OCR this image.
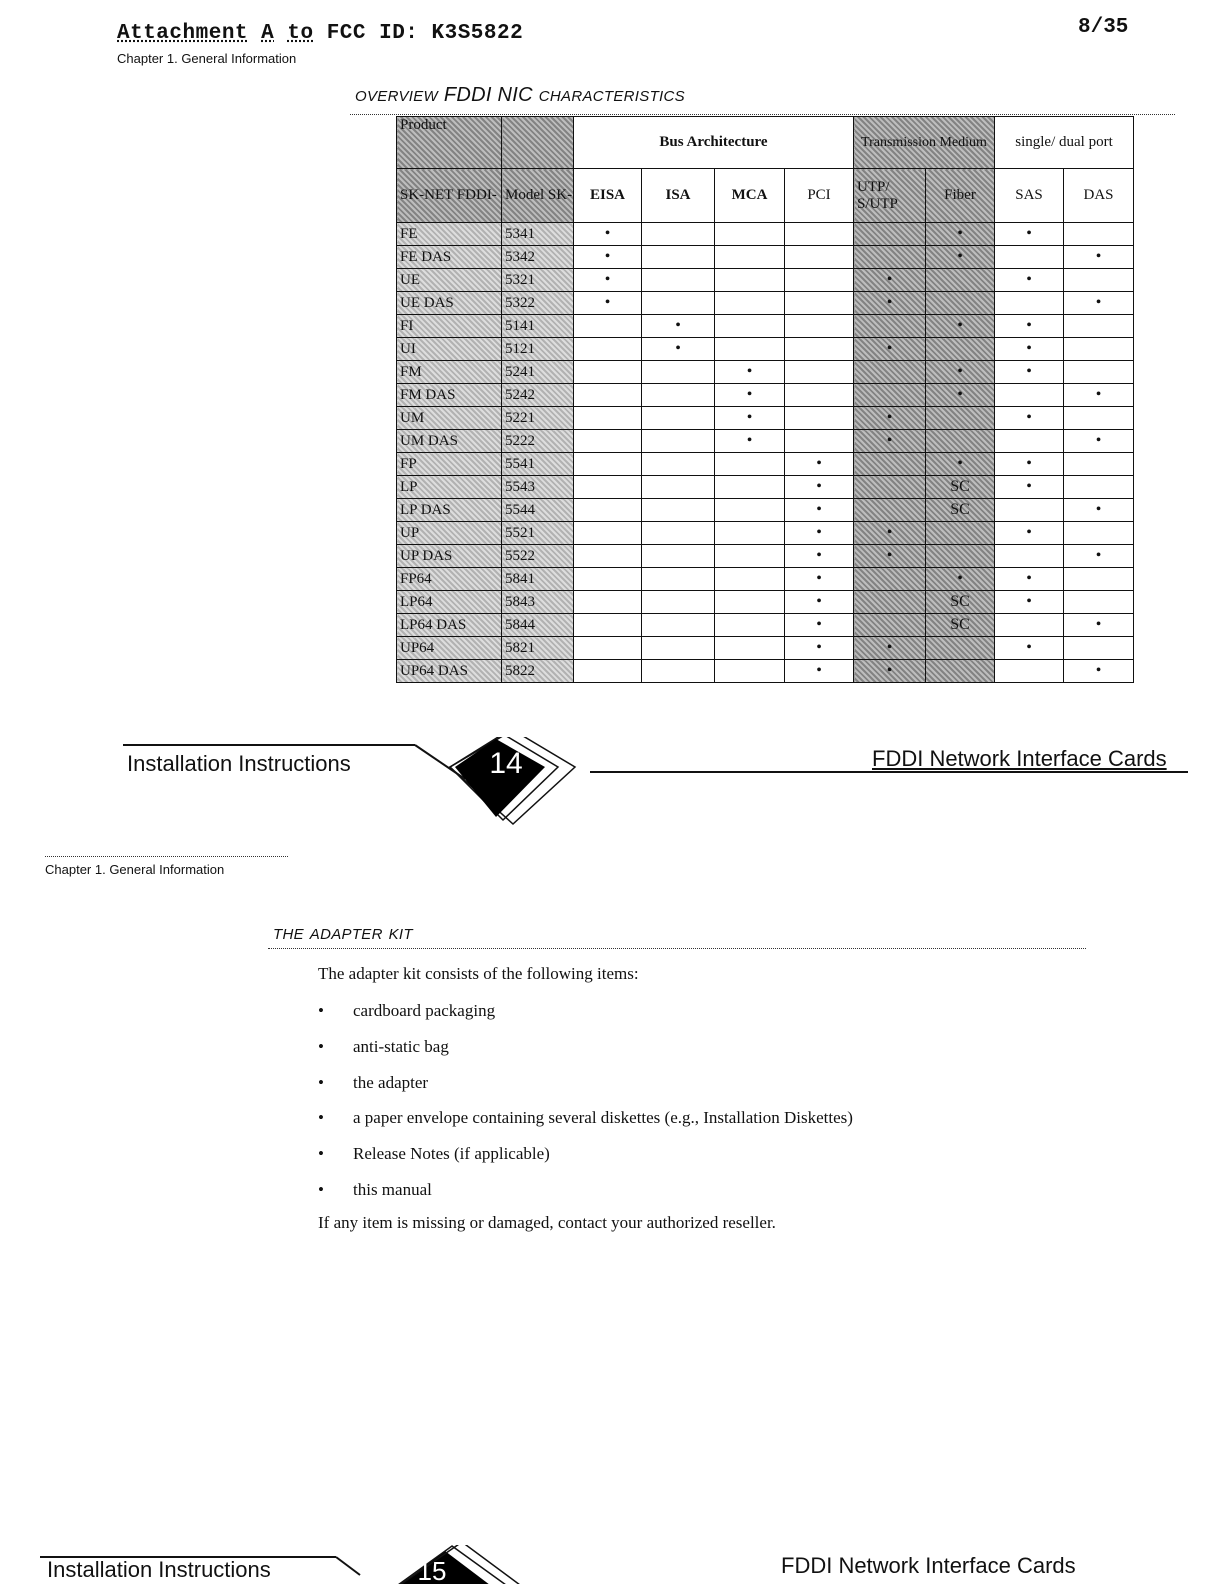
Attachment A to FCC ID: K3S5822	8/35
Chapter 1. General Information
OVERVIEW FDDI NIC CHARACTERISTICS
Product		Bus Architecture				Transmission Medium		single/ dual port	
SK-NET FDDI-	Model SK-	EISA	ISA	MCA	PCI	UTP/ S/UTP	Fiber	SAS	DAS
FE	5341	•					•	•	
FE DAS	5342	•					•		•
UE	5321	•				•		•	
UE DAS	5322	•				•			•
FI	5141		•				•	•	
UI	5121		•			•		•	
FM	5241			•			•	•	
FM DAS	5242			•			•		•
UM	5221			•		•		•	
UM DAS	5222			•		•			•
FP	5541				•		•	•	
LP	5543				•		SC	•	
LP DAS	5544				•		SC		•
UP	5521				•	•		•	
UP DAS	5522				•	•			•
FP64	5841				•		•	•	
LP64	5843				•		SC	•	
LP64 DAS	5844				•		SC		•
UP64	5821				•	•		•	
UP64 DAS	5822				•	•			•
14
Installation Instructions	FDDI Network Interface Cards
Chapter 1. General Information
THE ADAPTER KIT
The adapter kit consists of the following items:
• cardboard packaging
• anti-static bag
• the adapter
• a paper envelope containing several diskettes (e.g., Installation Diskettes)
• Release Notes (if applicable)
• this manual
If any item is missing or damaged, contact your authorized reseller.
15
Installation Instructions	FDDI Network Interface Cards
